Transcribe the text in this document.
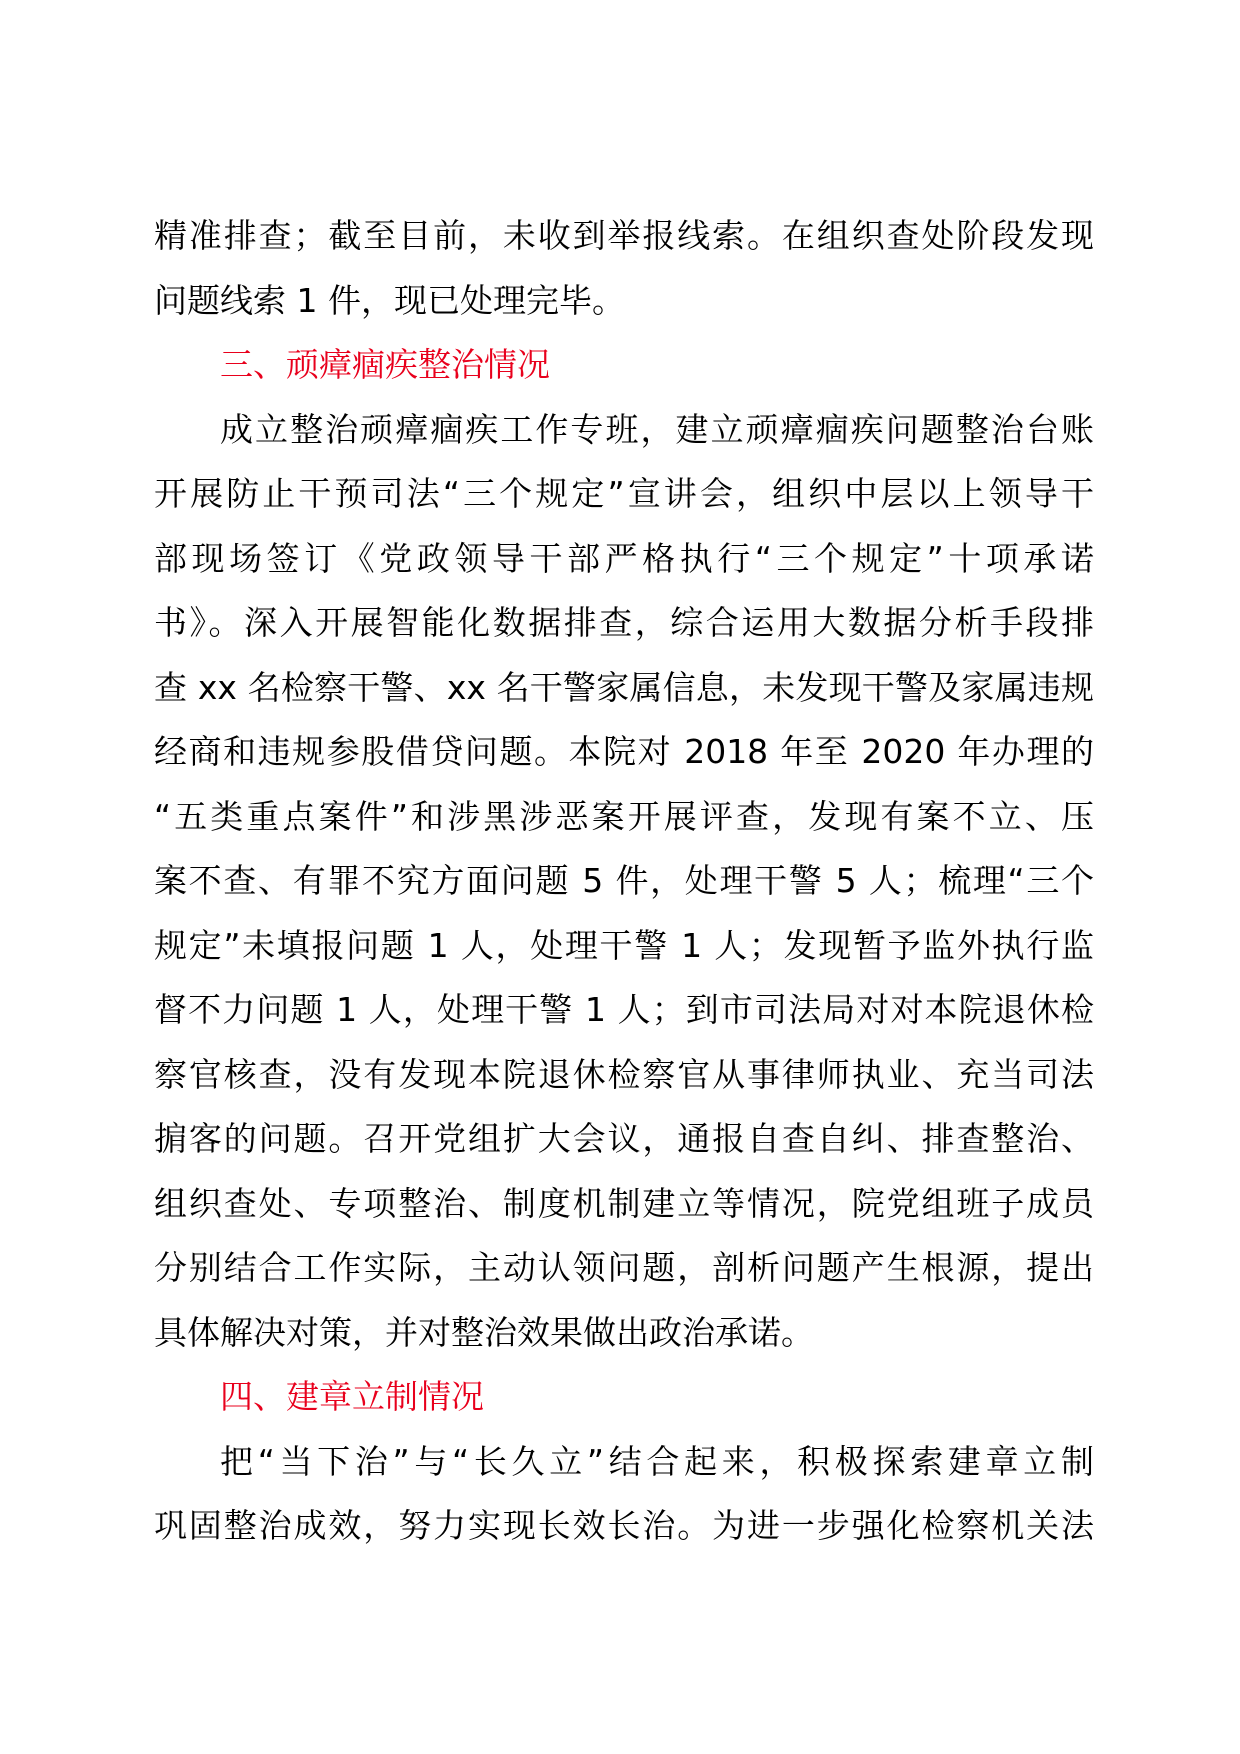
精准排查；截至目前，未收到举报线索。在组织查处阶段发现
问题线索 1 件，现已处理完毕。
三、顽瘴痼疾整治情况
成立整治顽瘴痼疾工作专班，建立顽瘴痼疾问题整治台账
开展防止干预司法“三个规定”宣讲会，组织中层以上领导干
部现场签订《党政领导干部严格执行“三个规定”十项承诺
书》。深入开展智能化数据排查，综合运用大数据分析手段排
查 xx 名检察干警、xx 名干警家属信息，未发现干警及家属违规
经商和违规参股借贷问题。本院对 2018 年至 2020 年办理的
“五类重点案件”和涉黑涉恶案开展评查，发现有案不立、压
案不查、有罪不究方面问题 5 件，处理干警 5 人；梳理“三个
规定”未填报问题 1 人，处理干警 1 人；发现暂予监外执行监
督不力问题 1 人，处理干警 1 人；到市司法局对对本院退休检
察官核查，没有发现本院退休检察官从事律师执业、充当司法
掮客的问题。召开党组扩大会议，通报自查自纠、排查整治、
组织查处、专项整治、制度机制建立等情况，院党组班子成员
分别结合工作实际，主动认领问题，剖析问题产生根源，提出
具体解决对策，并对整治效果做出政治承诺。
四、建章立制情况
把“当下治”与“长久立”结合起来，积极探索建章立制
巩固整治成效，努力实现长效长治。为进一步强化检察机关法
